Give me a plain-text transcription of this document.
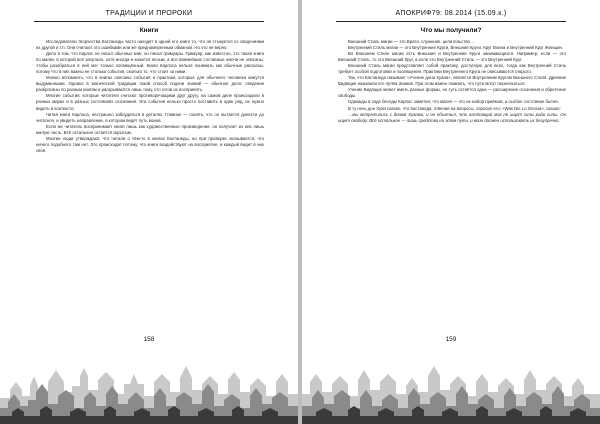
ТРАДИЦИИ И ПРОРОКИ
Книги

Исследователи творчества Кастанеды часто находят в одной его книге то, что не стыкуется со сведениями из другой и т.п. Они считают это ошибками или же преднамеренным обманом. Но это не верно.

Дело в том, что Карлос не писал обычных книг, он писал гримуары. Гримуар, как известно, это такая книга по магии, в которой всё запутано, хотя иногда и кажется ясным, а все важнейшие составные ключи не описаны, чтобы разобраться в ней мог только посвящённый. Книги Карлоса нельзя понимать как обычные рассказы, потому что в них важны не столько события, сколько то, что стоит за ними.

Можно вспомнить, что в книгах описаны события и практики, которые для обычного человека кажутся выдуманными. Однако в магической традиции такой способ подачи знаний — обычное дело: сведения разбросаны по разным книгам и раскрываются лишь тому, кто готов их воспринять.

Многие события, которые читатели считают противоречащими друг другу, на самом деле происходили в разных мирах и в разных состояниях осознания. Эти события нельзя просто поставить в один ряд, их нужно видеть в контексте.

Читая книги Карлоса, нестрашно заблудиться в деталях. Главное — понять, что он пытается донести до читателя, и увидеть направление, в котором ведёт путь воина.

Если же читатель воспринимает книги лишь как художественные произведения, он получает из них лишь малую часть. Всё остальное остаётся скрытым.

Многие люди утверждают, что читали о чём-то в книгах Кастанеды, но при проверке оказывается, что ничего подобного там нет. Это происходит потому, что книги воздействуют на восприятие, и каждый видит в них своё.

158
АПОКРИФ79: 08.2014 (15.09.к.)
Что мы получили?

Внешний Стиль магии — это Врата, служение, целительство…

Внутренний Стиль магии — это Внутренние Круги, Внешние Круги, Круг Воина и Внутренний Круг Женщин.

Во Внешнем Стиле магии есть Внешние и Внутренние Круги занимающихся. Например, если — это Внешний Стиль, то это Внешний Круг, а если это Внутренний Стиль — это Внутренний Круг.

Внешний Стиль магии представляет собой практику, доступную для всех, тогда как Внутренний Стиль требует особой подготовки и посвящения. Практики Внутреннего Круга не описываются открыто.

Так, что Кастанеда называет «Учение дона Хуана», является Внутренним Кругом Внешнего Стиля. Древние Видящие называли его путём Знания. При этом важно помнить, что пути могут пересекаться.

Учение Видящих может иметь разные формы, но суть остаётся одна — расширение осознания и обретение свободы.

Однажды в ходе беседы Карлос заметил, что магия — это не набор приёмов, а особое состояние бытия.

В ту ночь дон Хуан сказал, что Кастанеда, отвечая на вопросы, спросил его: «Was Die Lo Gencia», сказал:

…мы встретились с доном Хуаном, и он объяснил, что настоящий маг не ищет силы ради силы. Он ищет свободу. Всё остальное — лишь средства на этом пути, и воин должен использовать их безупречно.

159
